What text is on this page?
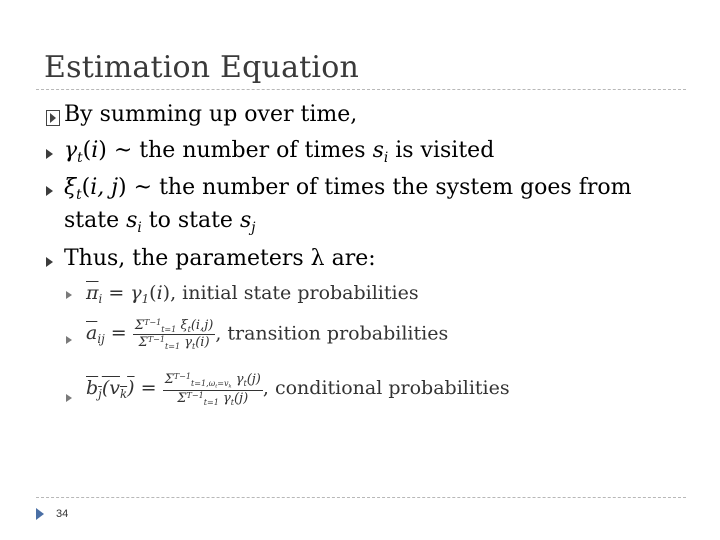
Estimation Equation
By summing up over time,
$\gamma_t(i)$ ~ the number of times $s_i$ is visited
$\xi_t(i$, j) ~ the number of times the system goes from
state $s_i$ to state $s_j$
Thus, the parameters λ are:
$\overline{\pi}_i = \gamma_1(i)$, initial state probabilities
$\overline{a}_{ij} = \frac{\Sigma^{T-1}_{t=1} \xi_t(i,j)}{\Sigma^{T-1}_{t=1} \gamma_t(i)}$ , transition probabilities
$b_j(v_k) = \frac{\Sigma^{T-1}_{t=1,\omega_t=v_k} \gamma_t(j)}{\Sigma^{T-1}_{t=1} \gamma_t(j)}$ , conditional probabilities
34
